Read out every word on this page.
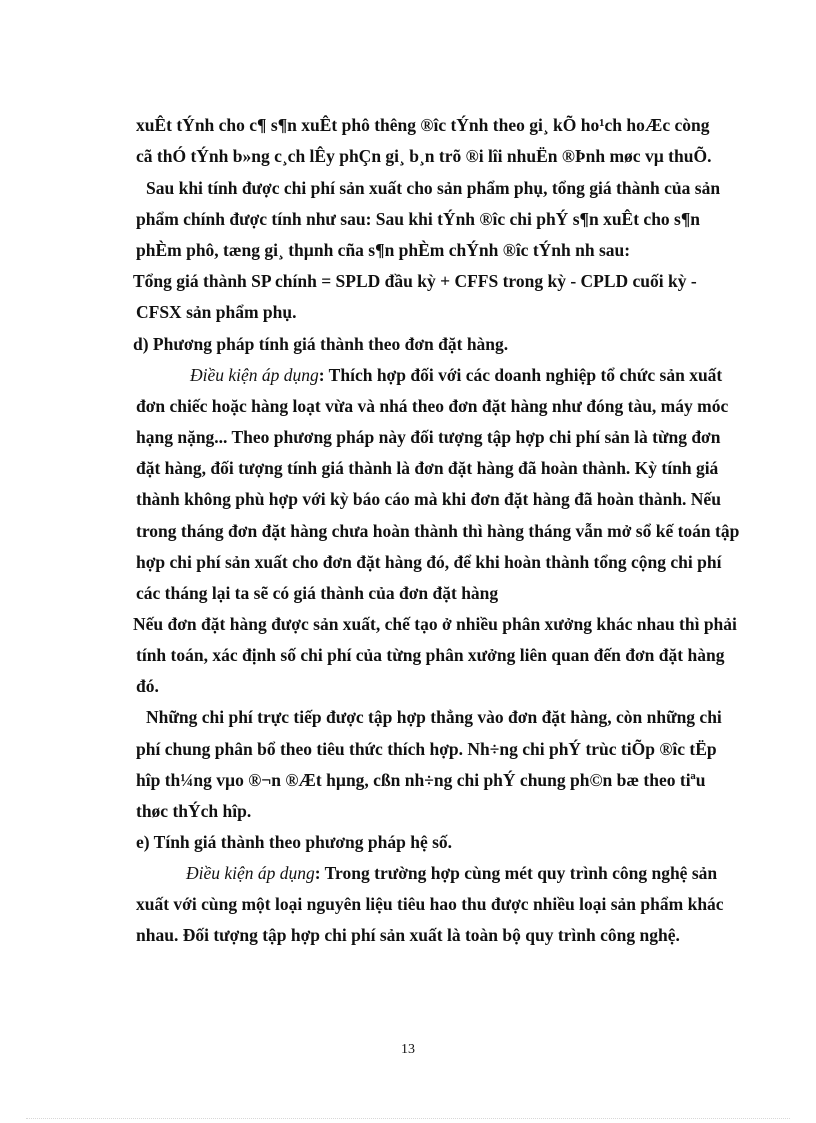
xuÊt tÝnh cho c¶ s¶n xuÊt phô thêng ®îc tÝnh theo gi¸ kÕ ho¹ch hoÆc còng
cã thÓ tÝnh b»ng c¸ch lÊy phÇn gi¸ b¸n trõ ®i lîi nhuËn ®Þnh møc vµ thuÕ.
Sau khi tính được chi phí sản xuất cho sản phẩm phụ, tổng giá thành của sản
phẩm chính được tính như sau: Sau khi tÝnh ®îc chi phÝ s¶n xuÊt cho s¶n
phÈm phô, tæng gi¸ thµnh cña s¶n phÈm chÝnh ®îc tÝnh nh sau:
Tổng giá thành SP chính = SPLD đầu kỳ + CFFS trong kỳ - CPLD cuối kỳ -
CFSX sản phẩm phụ.
d) Phương pháp tính giá thành theo đơn đặt hàng.
Điều kiện áp dụng: Thích hợp đối với các doanh nghiệp tổ chức sản xuất
đơn chiếc hoặc hàng loạt vừa và nhá theo đơn đặt hàng như đóng tàu, máy móc
hạng nặng... Theo phương pháp này đối tượng tập hợp chi phí sản là từng đơn
đặt hàng, đối tượng tính giá thành là đơn đặt hàng đã hoàn thành. Kỳ tính giá
thành không phù hợp với kỳ báo cáo mà khi đơn đặt hàng đã hoàn thành. Nếu
trong tháng đơn đặt hàng chưa hoàn thành thì hàng tháng vẫn mở sổ kế toán tập
hợp chi phí sản xuất cho đơn đặt hàng đó, để khi hoàn thành tổng cộng chi phí
các tháng lại ta sẽ có giá thành của đơn đặt hàng
Nếu đơn đặt hàng được sản xuất, chế tạo ở nhiều phân xưởng khác nhau thì phải
tính toán, xác định số chi phí của từng phân xưởng liên quan đến đơn đặt hàng
đó.
Những chi phí trực tiếp được tập hợp thẳng vào đơn đặt hàng, còn những chi
phí chung phân bổ theo tiêu thức thích hợp. Nh÷ng chi phÝ trùc tiÕp ®îc tËp
hîp th¼ng vµo ®¬n ®Æt hµng, cßn nh÷ng chi phÝ chung ph©n bæ theo tiªu
thøc thÝch hîp.
e) Tính giá thành theo phương pháp hệ số.
Điều kiện áp dụng: Trong trường hợp cùng mét quy trình công nghệ sản
xuất với cùng một loại nguyên liệu tiêu hao thu được nhiều loại sản phẩm khác
nhau. Đối tượng tập hợp chi phí sản xuất là toàn bộ quy trình công nghệ.
13
